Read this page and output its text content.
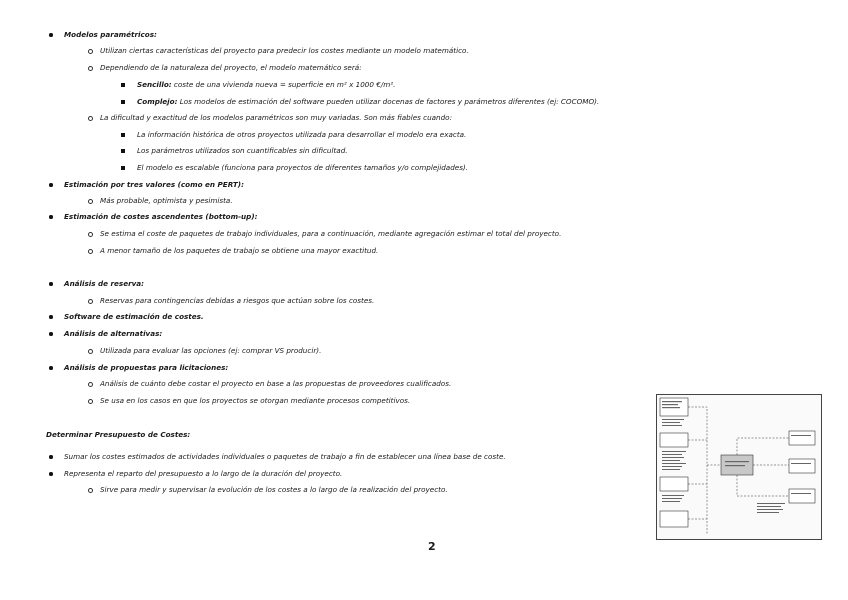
Modelos paramétricos:
Utilizan ciertas características del proyecto para predecir los costes mediante un modelo matemático.
Dependiendo de la naturaleza del proyecto, el modelo matemático será:
Sencillo: coste de una vivienda nueva = superficie en m² x 1000 €/m².
Complejo: Los modelos de estimación del software pueden utilizar docenas de factores y parámetros diferentes (ej: COCOMO).
La dificultad y exactitud de los modelos paramétricos son muy variadas. Son más fiables cuando:
La información histórica de otros proyectos utilizada para desarrollar el modelo era exacta.
Los parámetros utilizados son cuantificables sin dificultad.
El modelo es escalable (funciona para proyectos de diferentes tamaños y/o complejidades).
Estimación por tres valores (como en PERT):
Más probable, optimista y pesimista.
Estimación de costes ascendentes (bottom-up):
Se estima el coste de paquetes de trabajo individuales, para a continuación, mediante agregación estimar el total del proyecto.
A menor tamaño de los paquetes de trabajo se obtiene una mayor exactitud.
Análisis de reserva:
Reservas para contingencias debidas a riesgos que actúan sobre los costes.
Software de estimación de costes.
Análisis de alternativas:
Utilizada para evaluar las opciones (ej: comprar VS producir).
Análisis de propuestas para licitaciones:
Análisis de cuánto debe costar el proyecto en base a las propuestas de proveedores cualificados.
Se usa en los casos en que los proyectos se otorgan mediante procesos competitivos.
Determinar Presupuesto de Costes:
Sumar los costes estimados de actividades individuales o paquetes de trabajo a fin de establecer una línea base de coste.
Representa el reparto del presupuesto a lo largo de la duración del proyecto.
Sirve para medir y supervisar la evolución de los costes a lo largo de la realización del proyecto.
2
